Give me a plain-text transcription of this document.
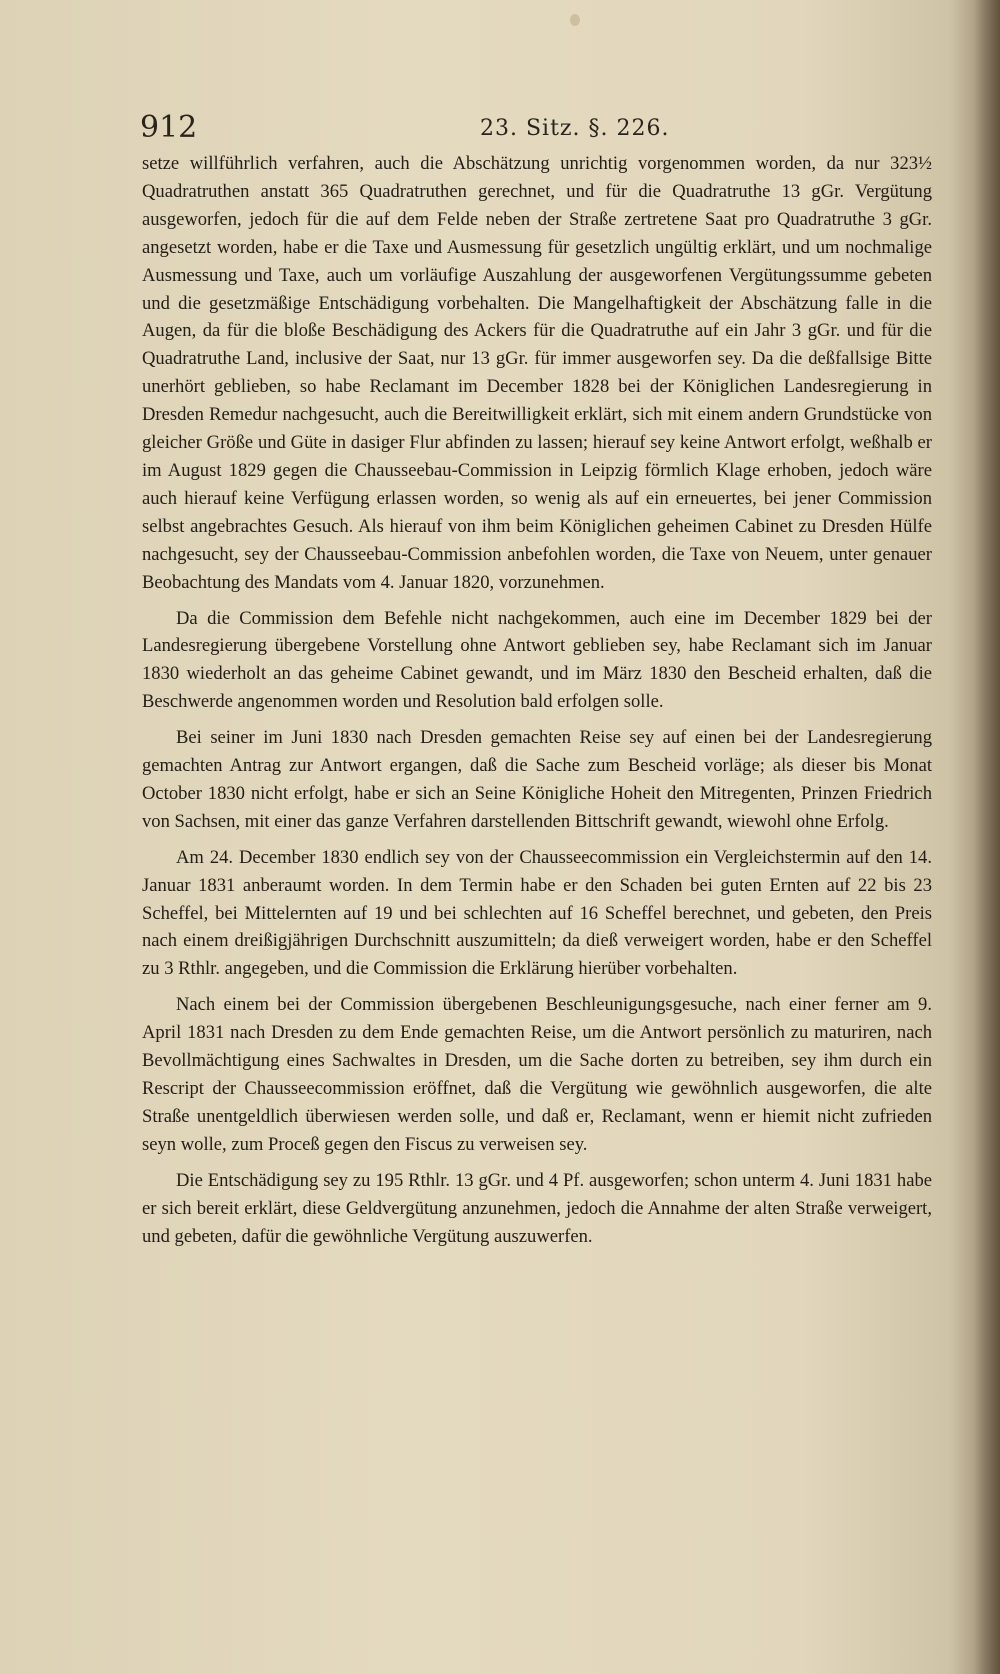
912	23. Sitz. §. 226.

setze willführlich verfahren, auch die Abschätzung unrichtig vorgenommen worden, da nur 323½ Quadratruthen anstatt 365 Quadratruthen gerechnet, und für die Quadratruthe 13 gGr. Vergütung ausgeworfen, jedoch für die auf dem Felde neben der Straße zertretene Saat pro Quadratruthe 3 gGr. angesetzt worden, habe er die Taxe und Ausmessung für gesetzlich ungültig erklärt, und um nochmalige Ausmessung und Taxe, auch um vorläufige Auszahlung der ausgeworfenen Vergütungssumme gebeten und die gesetzmäßige Entschädigung vorbehalten. Die Mangelhaftigkeit der Abschätzung falle in die Augen, da für die bloße Beschädigung des Ackers für die Quadratruthe auf ein Jahr 3 gGr. und für die Quadratruthe Land, inclusive der Saat, nur 13 gGr. für immer ausgeworfen sey. Da die deßfallsige Bitte unerhört geblieben, so habe Reclamant im December 1828 bei der Königlichen Landesregierung in Dresden Remedur nachgesucht, auch die Bereitwilligkeit erklärt, sich mit einem andern Grundstücke von gleicher Größe und Güte in dasiger Flur abfinden zu lassen; hierauf sey keine Antwort erfolgt, weßhalb er im August 1829 gegen die Chausseebau-Commission in Leipzig förmlich Klage erhoben, jedoch wäre auch hierauf keine Verfügung erlassen worden, so wenig als auf ein erneuertes, bei jener Commission selbst angebrachtes Gesuch. Als hierauf von ihm beim Königlichen geheimen Cabinet zu Dresden Hülfe nachgesucht, sey der Chausseebau-Commission anbefohlen worden, die Taxe von Neuem, unter genauer Beobachtung des Mandats vom 4. Januar 1820, vorzunehmen.

Da die Commission dem Befehle nicht nachgekommen, auch eine im December 1829 bei der Landesregierung übergebene Vorstellung ohne Antwort geblieben sey, habe Reclamant sich im Januar 1830 wiederholt an das geheime Cabinet gewandt, und im März 1830 den Bescheid erhalten, daß die Beschwerde angenommen worden und Resolution bald erfolgen solle.

Bei seiner im Juni 1830 nach Dresden gemachten Reise sey auf einen bei der Landesregierung gemachten Antrag zur Antwort ergangen, daß die Sache zum Bescheid vorläge; als dieser bis Monat October 1830 nicht erfolgt, habe er sich an Seine Königliche Hoheit den Mitregenten, Prinzen Friedrich von Sachsen, mit einer das ganze Verfahren darstellenden Bittschrift gewandt, wiewohl ohne Erfolg.

Am 24. December 1830 endlich sey von der Chausseecommission ein Vergleichstermin auf den 14. Januar 1831 anberaumt worden. In dem Termin habe er den Schaden bei guten Ernten auf 22 bis 23 Scheffel, bei Mittelernten auf 19 und bei schlechten auf 16 Scheffel berechnet, und gebeten, den Preis nach einem dreißigjährigen Durchschnitt auszumitteln; da dieß verweigert worden, habe er den Scheffel zu 3 Rthlr. angegeben, und die Commission die Erklärung hierüber vorbehalten.

Nach einem bei der Commission übergebenen Beschleunigungsgesuche, nach einer ferner am 9. April 1831 nach Dresden zu dem Ende gemachten Reise, um die Antwort persönlich zu maturiren, nach Bevollmächtigung eines Sachwaltes in Dresden, um die Sache dorten zu betreiben, sey ihm durch ein Rescript der Chausseecommission eröffnet, daß die Vergütung wie gewöhnlich ausgeworfen, die alte Straße unentgeldlich überwiesen werden solle, und daß er, Reclamant, wenn er hiemit nicht zufrieden seyn wolle, zum Proceß gegen den Fiscus zu verweisen sey.

Die Entschädigung sey zu 195 Rthlr. 13 gGr. und 4 Pf. ausgeworfen; schon unterm 4. Juni 1831 habe er sich bereit erklärt, diese Geldvergütung anzunehmen, jedoch die Annahme der alten Straße verweigert, und gebeten, dafür die gewöhnliche Vergütung auszuwerfen.
